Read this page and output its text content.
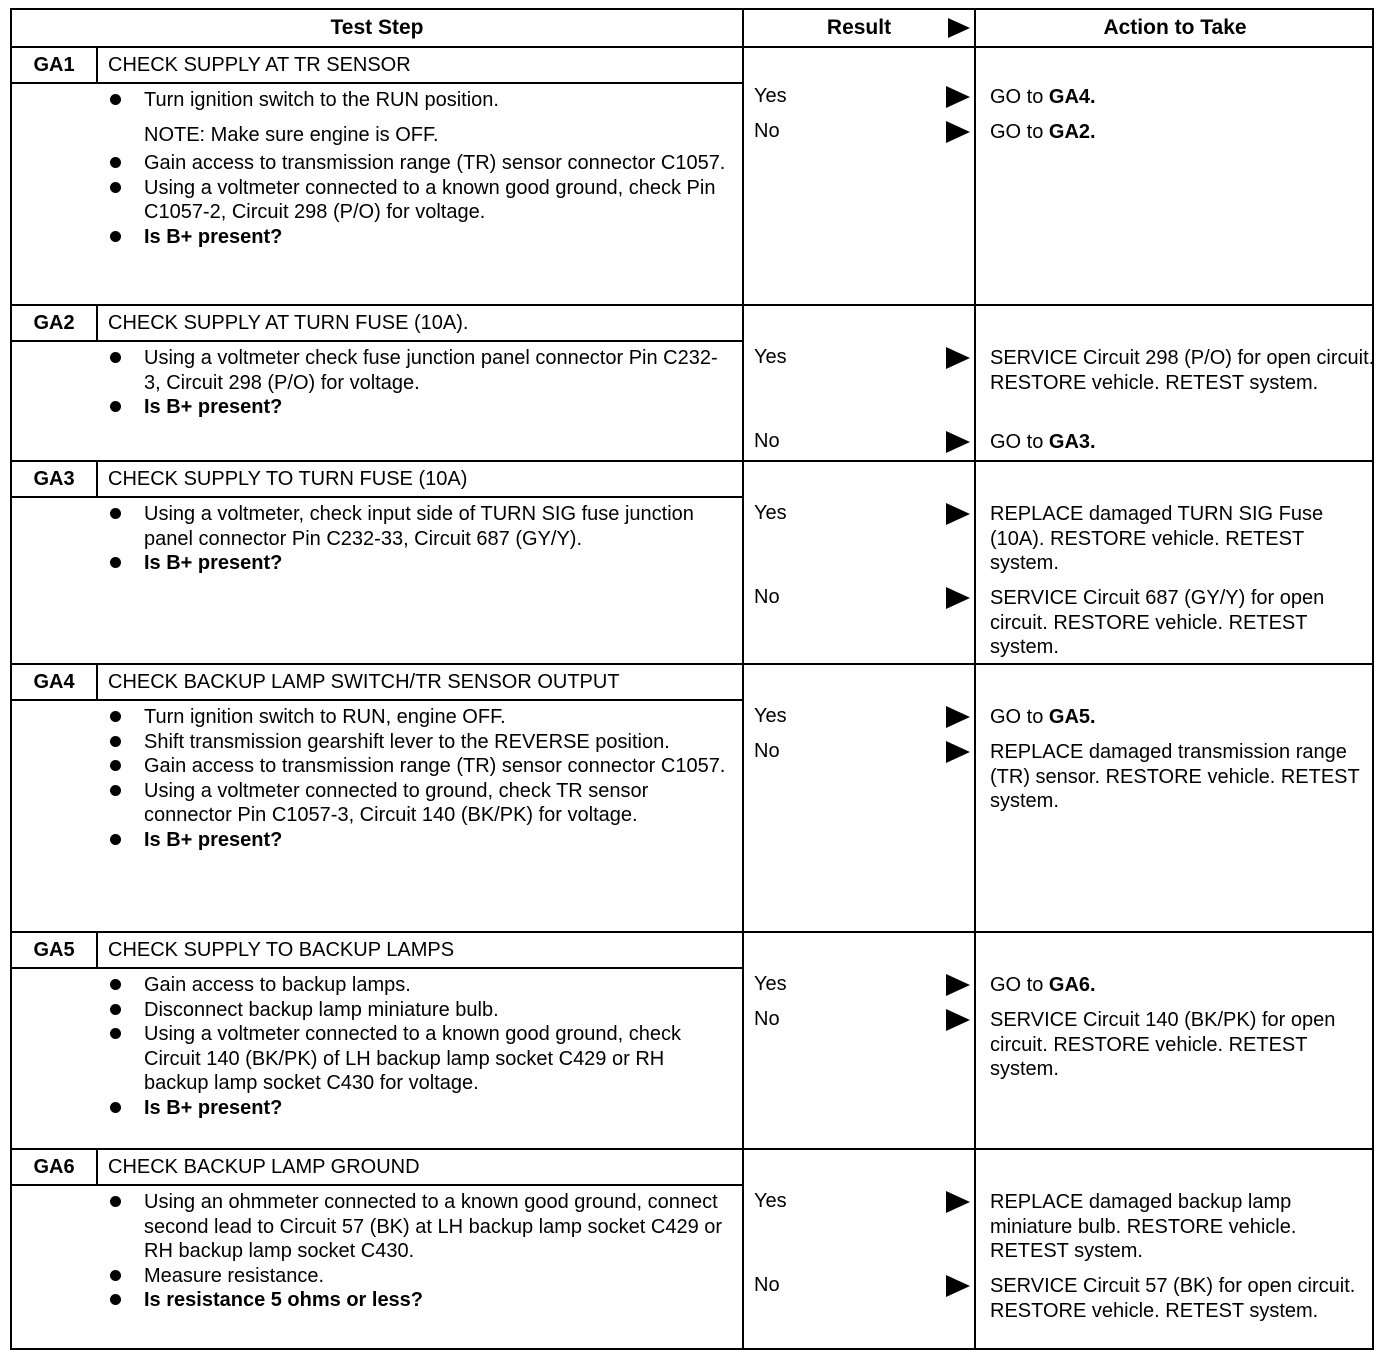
Test Step	Result	Action to Take
GA1	CHECK SUPPLY AT TR SENSOR
Turn ignition switch to the RUN position.
NOTE: Make sure engine is OFF.
Gain access to transmission range (TR) sensor connector C1057.
Using a voltmeter connected to a known good ground, check Pin C1057-2, Circuit 298 (P/O) for voltage.
Is B+ present?
Yes	GO to GA4.
No	GO to GA2.
GA2	CHECK SUPPLY AT TURN FUSE (10A).
Using a voltmeter check fuse junction panel connector Pin C232-3, Circuit 298 (P/O) for voltage.
Is B+ present?
Yes	SERVICE Circuit 298 (P/O) for open circuit. RESTORE vehicle. RETEST system.
No	GO to GA3.
GA3	CHECK SUPPLY TO TURN FUSE (10A)
Using a voltmeter, check input side of TURN SIG fuse junction panel connector Pin C232-33, Circuit 687 (GY/Y).
Is B+ present?
Yes	REPLACE damaged TURN SIG Fuse (10A). RESTORE vehicle. RETEST system.
No	SERVICE Circuit 687 (GY/Y) for open circuit. RESTORE vehicle. RETEST system.
GA4	CHECK BACKUP LAMP SWITCH/TR SENSOR OUTPUT
Turn ignition switch to RUN, engine OFF.
Shift transmission gearshift lever to the REVERSE position.
Gain access to transmission range (TR) sensor connector C1057.
Using a voltmeter connected to ground, check TR sensor connector Pin C1057-3, Circuit 140 (BK/PK) for voltage.
Is B+ present?
Yes	GO to GA5.
No	REPLACE damaged transmission range (TR) sensor. RESTORE vehicle. RETEST system.
GA5	CHECK SUPPLY TO BACKUP LAMPS
Gain access to backup lamps.
Disconnect backup lamp miniature bulb.
Using a voltmeter connected to a known good ground, check Circuit 140 (BK/PK) of LH backup lamp socket C429 or RH backup lamp socket C430 for voltage.
Is B+ present?
Yes	GO to GA6.
No	SERVICE Circuit 140 (BK/PK) for open circuit. RESTORE vehicle. RETEST system.
GA6	CHECK BACKUP LAMP GROUND
Using an ohmmeter connected to a known good ground, connect second lead to Circuit 57 (BK) at LH backup lamp socket C429 or RH backup lamp socket C430.
Measure resistance.
Is resistance 5 ohms or less?
Yes	REPLACE damaged backup lamp miniature bulb. RESTORE vehicle. RETEST system.
No	SERVICE Circuit 57 (BK) for open circuit. RESTORE vehicle. RETEST system.
